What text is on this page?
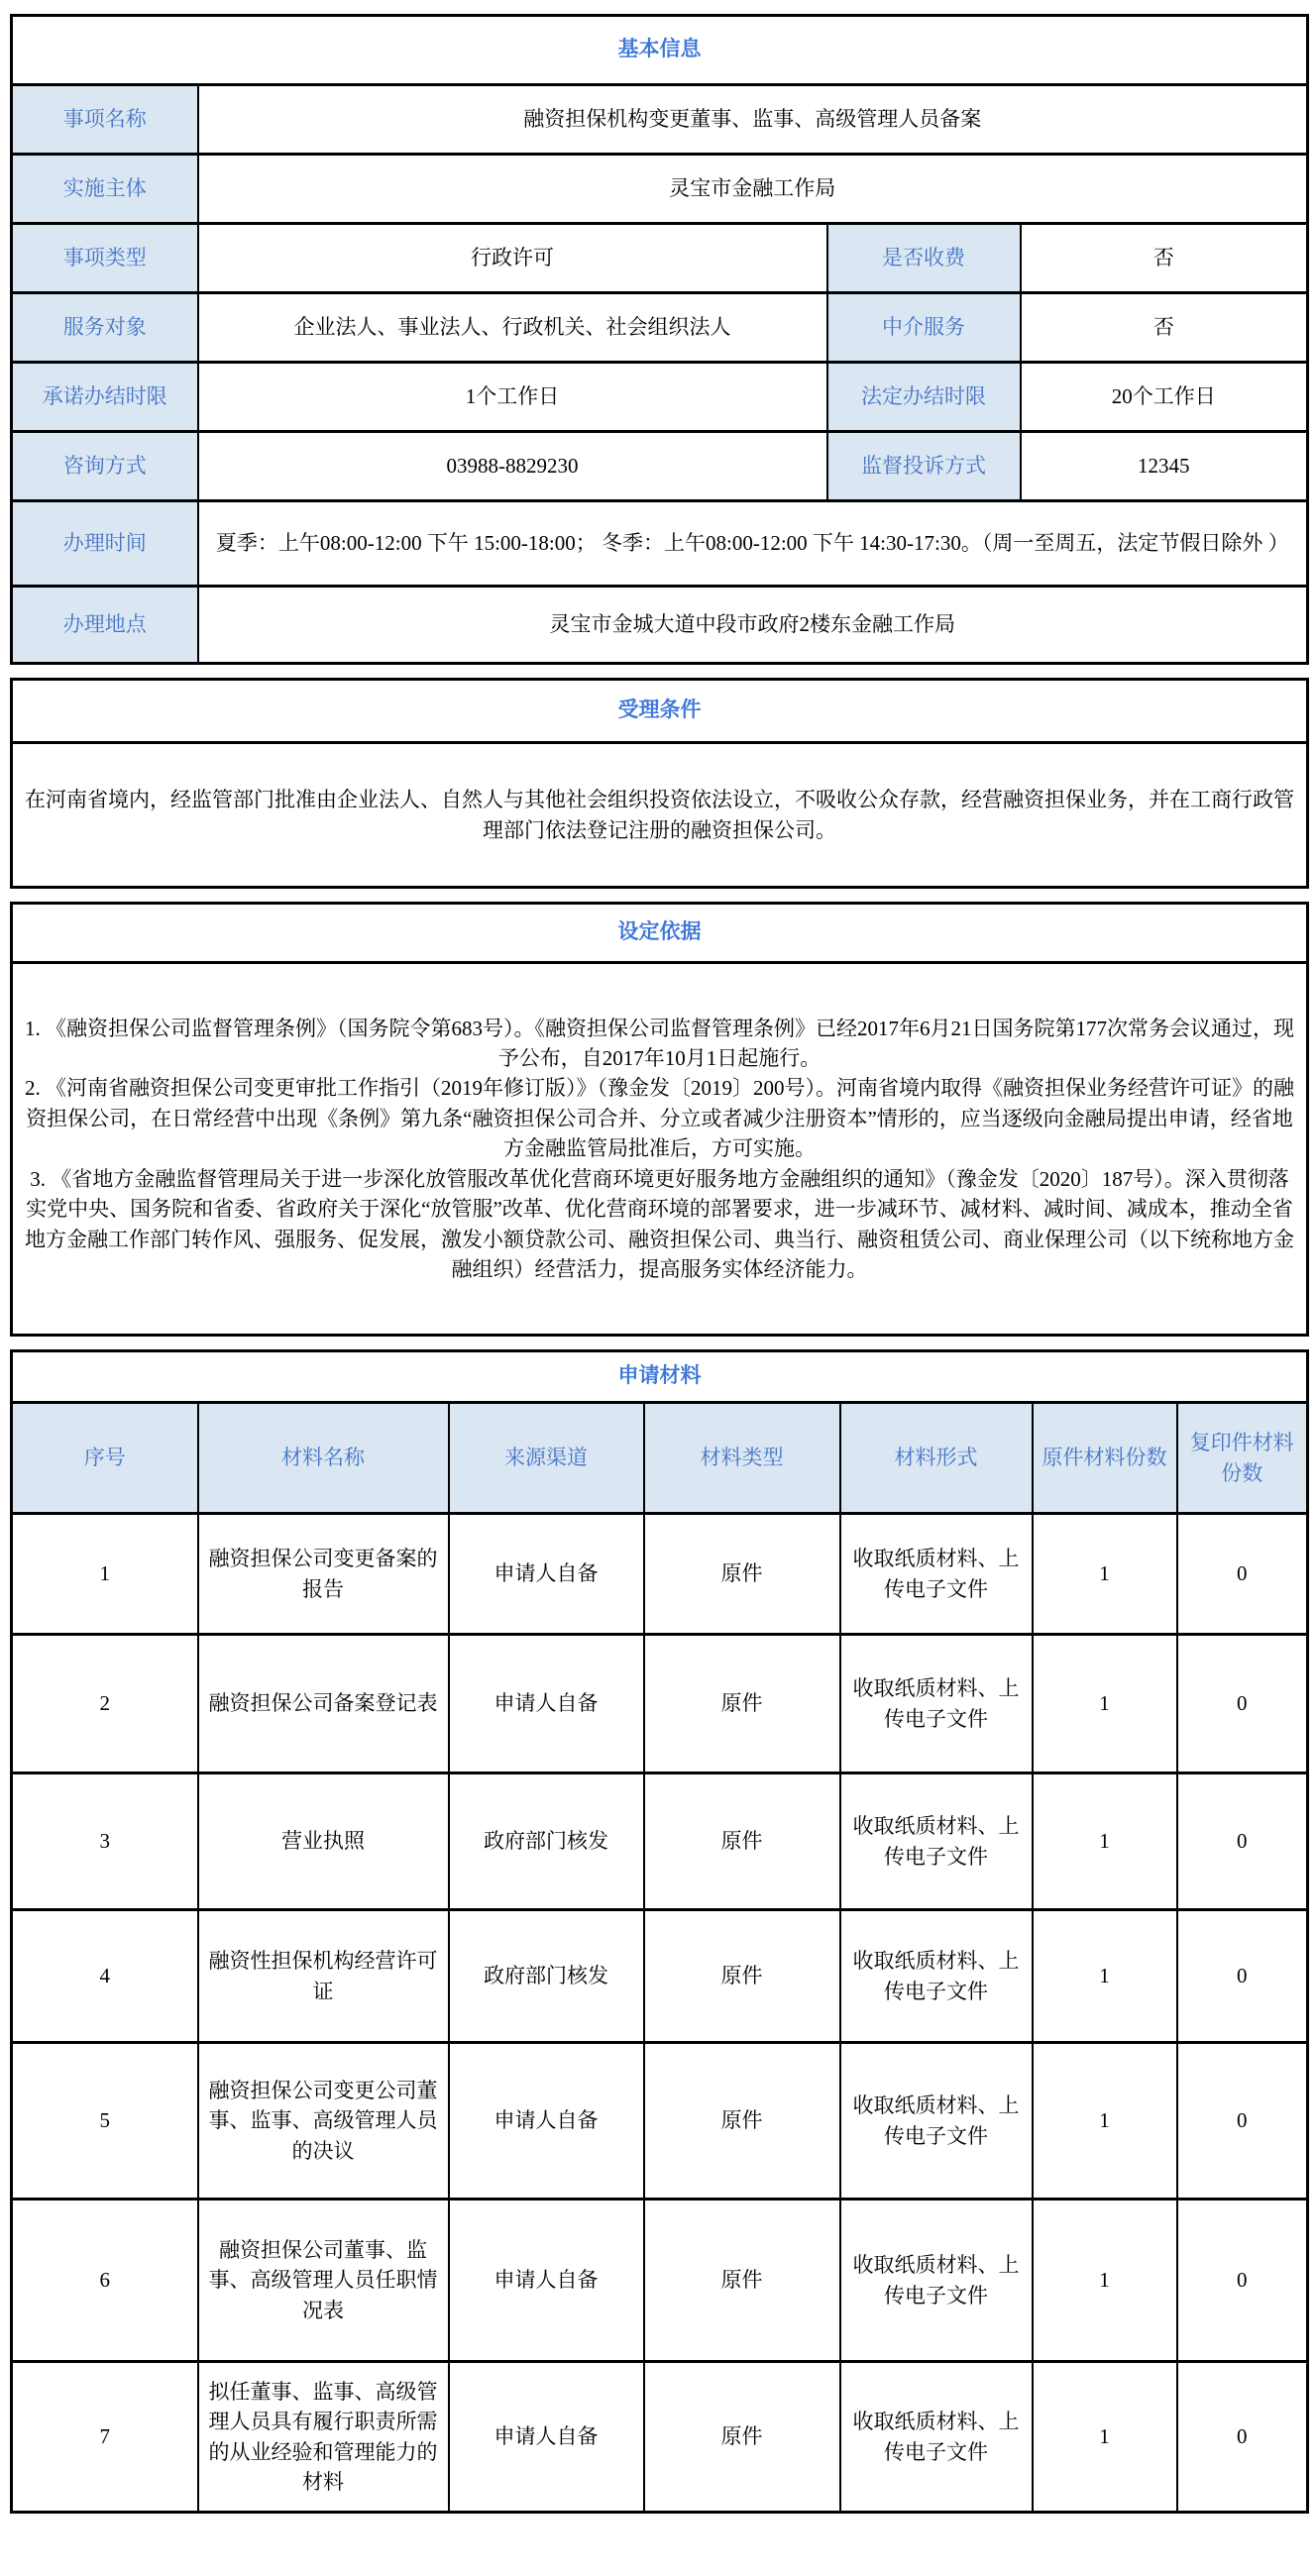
基本信息			
事项名称	融资担保机构变更董事、监事、高级管理人员备案		
实施主体	灵宝市金融工作局		
事项类型	行政许可	是否收费	否
服务对象	企业法人、事业法人、行政机关、社会组织法人	中介服务	否
承诺办结时限	1个工作日	法定办结时限	20个工作日
咨询方式	03988-8829230	监督投诉方式	12345
办理时间	夏季：上午08:00-12:00 下午 15:00-18:00； 冬季：上午08:00-12:00 下午 14:30-17:30。（周一至周五，法定节假日除外 ）		
办理地点	灵宝市金城大道中段市政府2楼东金融工作局		
受理条件
在河南省境内，经监管部门批准由企业法人、自然人与其他社会组织投资依法设立，不吸收公众存款，经营融资担保业务，并在工商行政管理部门依法登记注册的融资担保公司。
设定依据

1. 《融资担保公司监督管理条例》（国务院令第683号）。《融资担保公司监督管理条例》已经2017年6月21日国务院第177次常务会议通过，现予公布，自2017年10月1日起施行。
2. 《河南省融资担保公司变更审批工作指引（2019年修订版）》（豫金发〔2019〕200号）。河南省境内取得《融资担保业务经营许可证》的融资担保公司，在日常经营中出现《条例》第九条“融资担保公司合并、分立或者减少注册资本”情形的，应当逐级向金融局提出申请，经省地方金融监管局批准后，方可实施。
3. 《省地方金融监督管理局关于进一步深化放管服改革优化营商环境更好服务地方金融组织的通知》（豫金发〔2020〕187号）。深入贯彻落实党中央、国务院和省委、省政府关于深化“放管服”改革、优化营商环境的部署要求，进一步减环节、减材料、减时间、减成本，推动全省地方金融工作部门转作风、强服务、促发展，激发小额贷款公司、融资担保公司、典当行、融资租赁公司、商业保理公司（以下统称地方金融组织）经营活力，提高服务实体经济能力。
申请材料						
序号	材料名称	来源渠道	材料类型	材料形式	原件材料份数	复印件材料份数
1	融资担保公司变更备案的报告	申请人自备	原件	收取纸质材料、上传电子文件	1	0
2	融资担保公司备案登记表	申请人自备	原件	收取纸质材料、上传电子文件	1	0
3	营业执照	政府部门核发	原件	收取纸质材料、上传电子文件	1	0
4	融资性担保机构经营许可证	政府部门核发	原件	收取纸质材料、上传电子文件	1	0
5	融资担保公司变更公司董事、监事、高级管理人员的决议	申请人自备	原件	收取纸质材料、上传电子文件	1	0
6	融资担保公司董事、监事、高级管理人员任职情况表	申请人自备	原件	收取纸质材料、上传电子文件	1	0
7	拟任董事、监事、高级管理人员具有履行职责所需的从业经验和管理能力的材料	申请人自备	原件	收取纸质材料、上传电子文件	1	0
